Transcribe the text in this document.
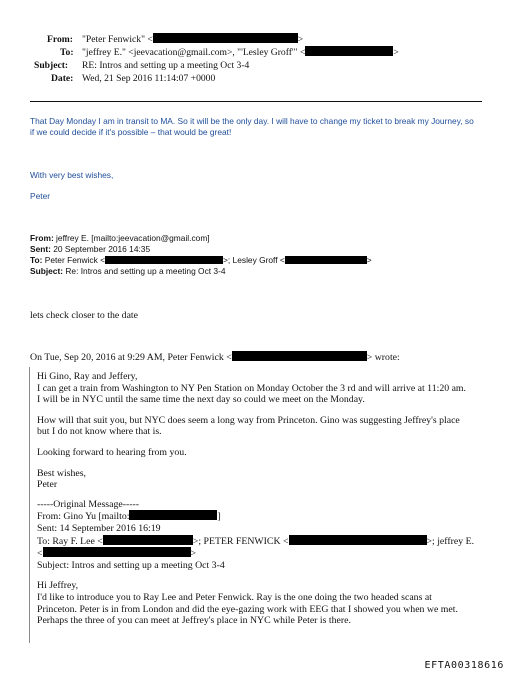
From: "Peter Fenwick" <	>
To: "jeffrey E." <jeevacation@gmail.com>, "'Lesley Groff'" <	>
Subject: RE: Intros and setting up a meeting Oct 3-4
Date: Wed, 21 Sep 2016 11:14:07 +0000

That Day Monday I am in transit to MA. So it will be the only day. I will have to change my ticket to break my Journey, so

if we could decide if it's possible – that would be great!

With very best wishes,
Peter

From: jeffrey E. [mailto:jeevacation@gmail.com]

Sent: 20 September 2016 14:35

To: Peter Fenwick <	>; Lesley Groff <	>

Subject: Re: Intros and setting up a meeting Oct 3-4

lets check closer to the date
On Tue, Sep 20, 2016 at 9:29 AM, Peter Fenwick <	> wrote:

Hi Gino, Ray and Jeffery,

I can get a train from Washington to NY Pen Station on Monday October the 3 rd and will arrive at 11:20 am.

I will be in NYC until the same time the next day so could we meet on the Monday.

How will that suit you, but NYC does seem a long way from Princeton. Gino was suggesting Jeffrey's place

but I do not know where that is.

Looking forward to hearing from you.

Best wishes,

Peter

-----Original Message-----

From: Gino Yu [mailto:	]

Sent: 14 September 2016 16:19

To: Ray F. Lee <	>; PETER FENWICK <	>; jeffrey E.

<	>

Subject: Intros and setting up a meeting Oct 3-4

Hi Jeffrey,

I'd like to introduce you to Ray Lee and Peter Fenwick. Ray is the one doing the two headed scans at

Princeton. Peter is in from London and did the eye-gazing work with EEG that I showed you when we met.

Perhaps the three of you can meet at Jeffrey's place in NYC while Peter is there.

EFTA00318616
